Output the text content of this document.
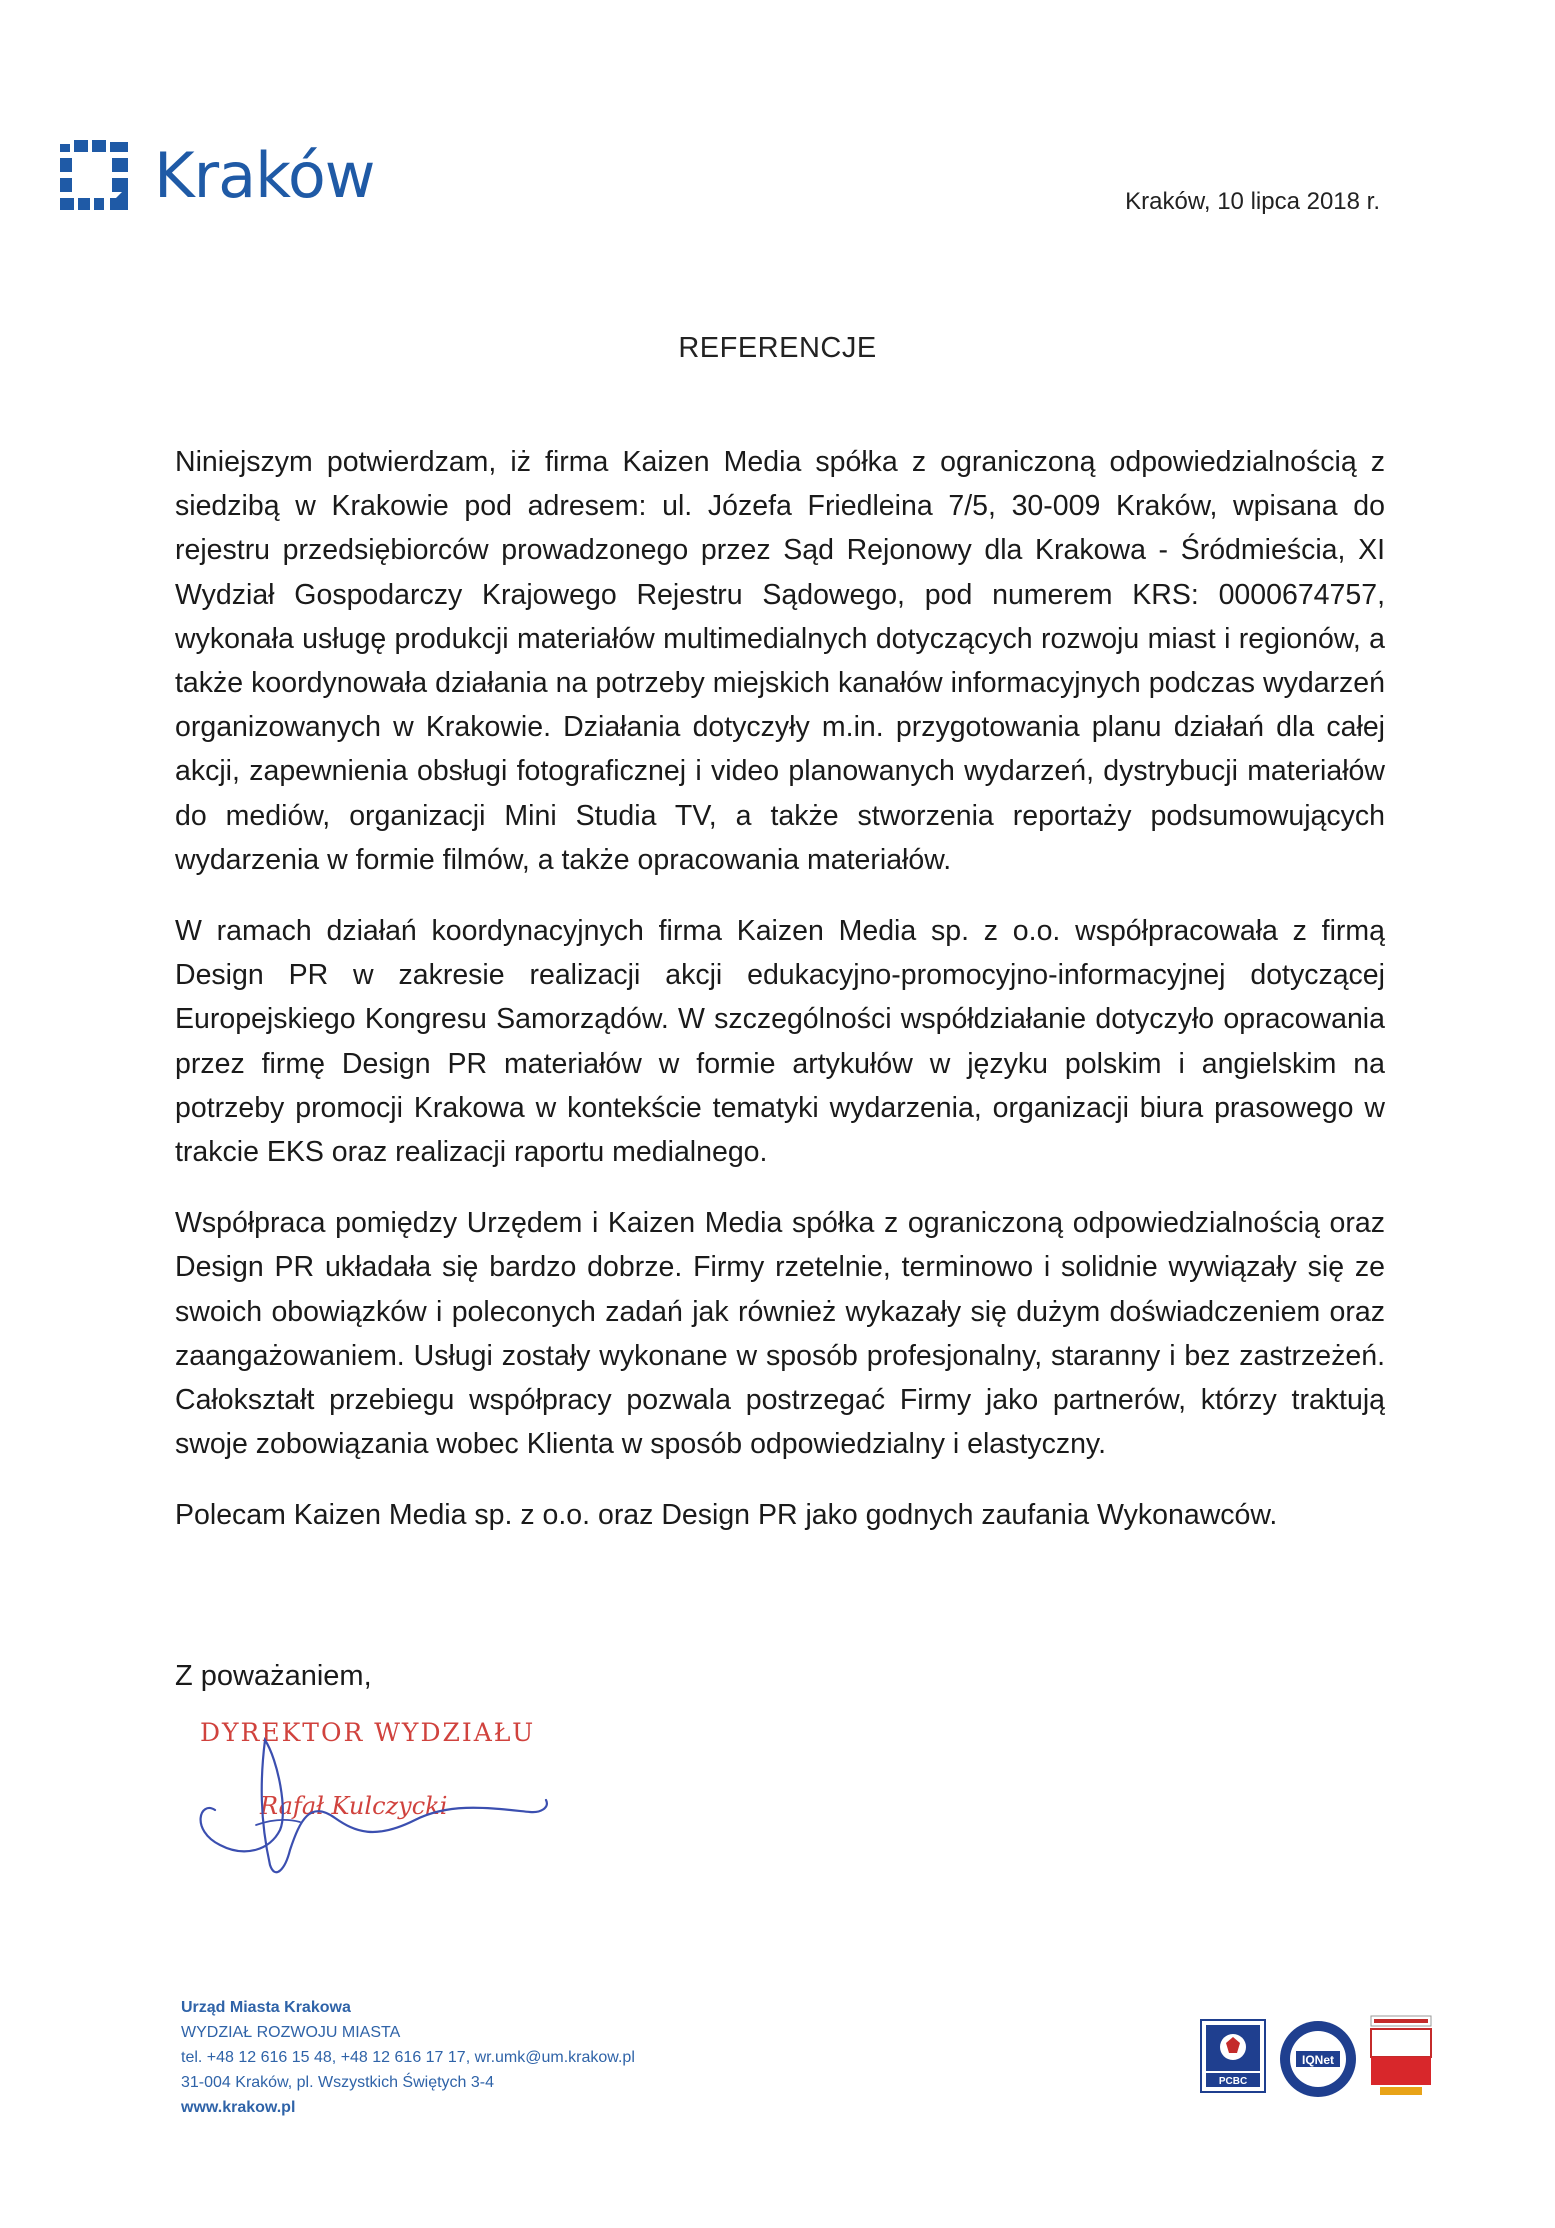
Kraków	Kraków, 10 lipca 2018 r.
REFERENCJE

Niniejszym potwierdzam, iż firma Kaizen Media spółka z ograniczoną odpowiedzialnością z siedzibą w Krakowie pod adresem: ul. Józefa Friedleina 7/5, 30-009 Kraków, wpisana do rejestru przedsiębiorców prowadzonego przez Sąd Rejonowy dla Krakowa - Śródmieścia, XI Wydział Gospodarczy Krajowego Rejestru Sądowego, pod numerem KRS: 0000674757, wykonała usługę produkcji materiałów multimedialnych dotyczących rozwoju miast i regionów, a także koordynowała działania na potrzeby miejskich kanałów informacyjnych podczas wydarzeń organizowanych w Krakowie. Działania dotyczyły m.in. przygotowania planu działań dla całej akcji, zapewnienia obsługi fotograficznej i video planowanych wydarzeń, dystrybucji materiałów do mediów, organizacji Mini Studia TV, a także stworzenia reportaży podsumowujących wydarzenia w formie filmów, a także opracowania materiałów.

W ramach działań koordynacyjnych firma Kaizen Media sp. z o.o. współpracowała z firmą Design PR w zakresie realizacji akcji edukacyjno-promocyjno-informacyjnej dotyczącej Europejskiego Kongresu Samorządów. W szczególności współdziałanie dotyczyło opracowania przez firmę Design PR materiałów w formie artykułów w języku polskim i angielskim na potrzeby promocji Krakowa w kontekście tematyki wydarzenia, organizacji biura prasowego w trakcie EKS oraz realizacji raportu medialnego.

Współpraca pomiędzy Urzędem i Kaizen Media spółka z ograniczoną odpowiedzialnością oraz Design PR układała się bardzo dobrze. Firmy rzetelnie, terminowo i solidnie wywiązały się ze swoich obowiązków i poleconych zadań jak również wykazały się dużym doświadczeniem oraz zaangażowaniem. Usługi zostały wykonane w sposób profesjonalny, staranny i bez zastrzeżeń. Całokształt przebiegu współpracy pozwala postrzegać Firmy jako partnerów, którzy traktują swoje zobowiązania wobec Klienta w sposób odpowiedzialny i elastyczny.

Polecam Kaizen Media sp. z o.o. oraz Design PR jako godnych zaufania Wykonawców.

Z poważaniem,
DYREKTOR WYDZIAŁU
Rafał Kulczycki
Urząd Miasta Krakowa
WYDZIAŁ ROZWOJU MIASTA
tel. +48 12 616 15 48, +48 12 616 17 17, wr.umk@um.krakow.pl
31-004 Kraków, pl. Wszystkich Świętych 3-4
www.krakow.pl
PCBC
IQNet
